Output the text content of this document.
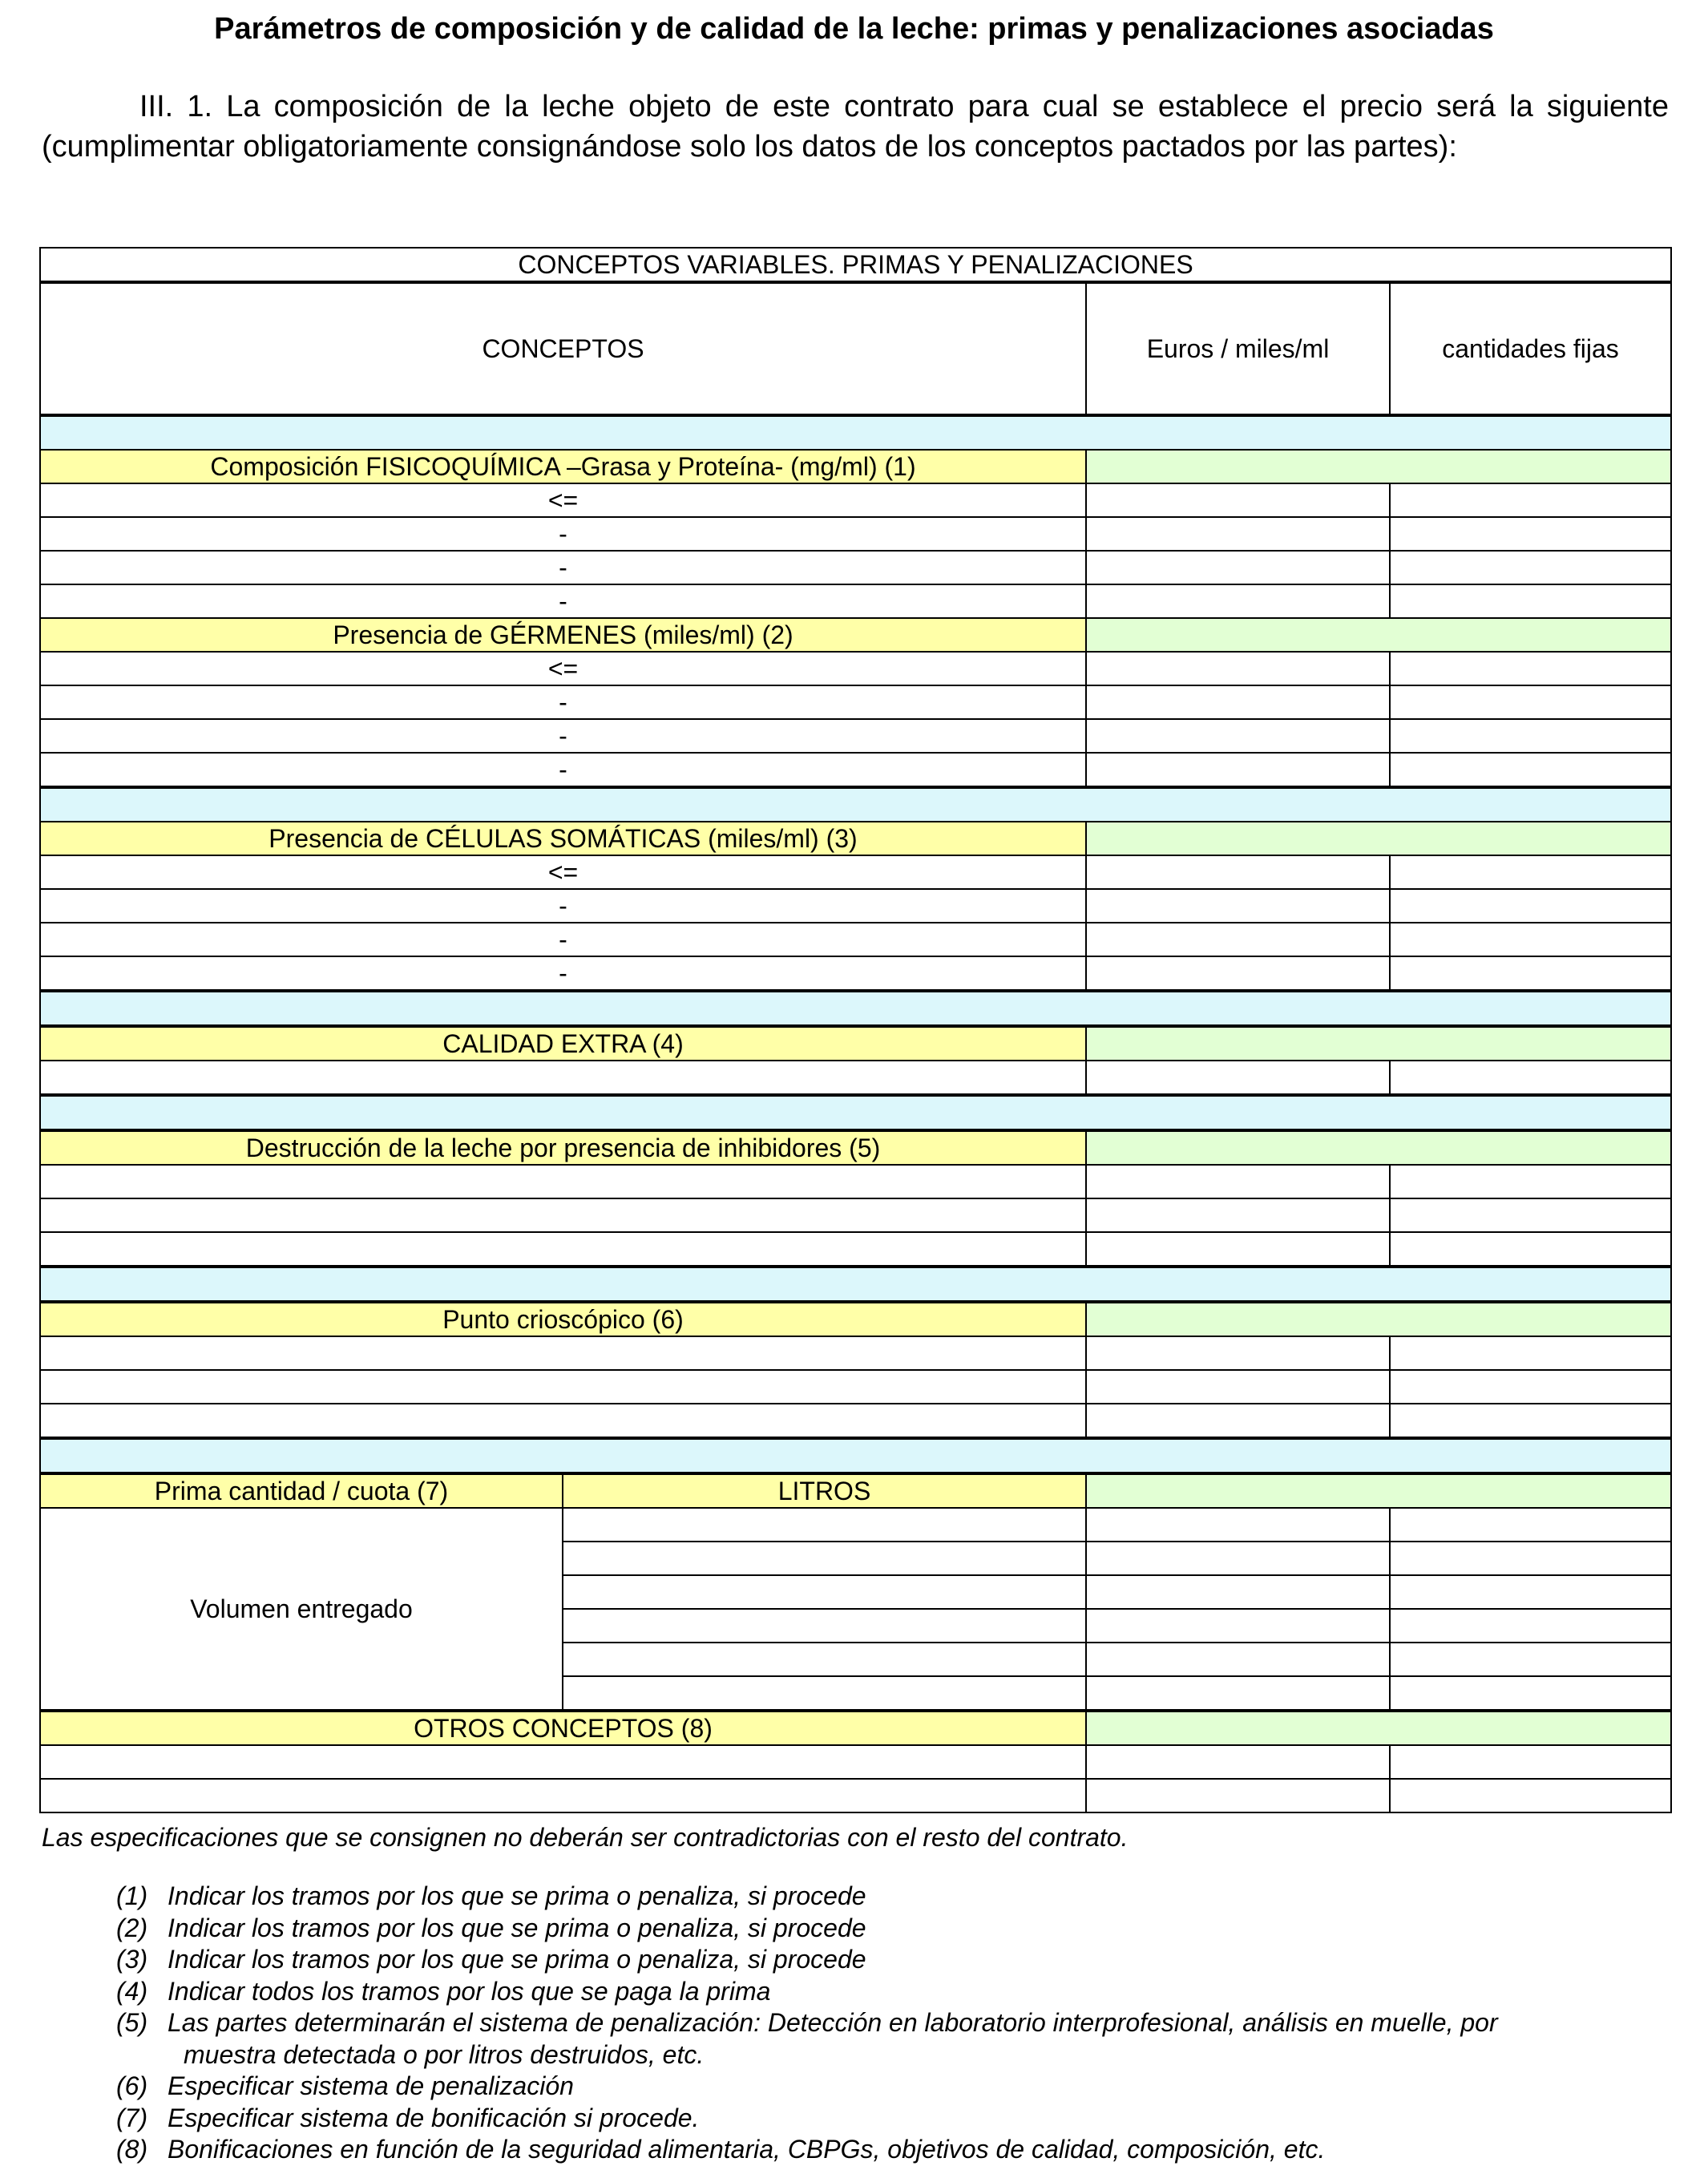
Parámetros de composición y de calidad de la leche: primas y penalizaciones asociadas
III. 1. La composición de la leche objeto de este contrato para cual se establece el precio será la siguiente (cumplimentar obligatoriamente consignándose solo los datos de los conceptos pactados por las partes):
CONCEPTOS VARIABLES. PRIMAS Y PENALIZACIONES			
CONCEPTOS		Euros / miles/ml	cantidades fijas

Composición FISICOQUÍMICA –Grasa y Proteína- (mg/ml) (1)			
<=			
-			
-			
-			
Presencia de GÉRMENES (miles/ml) (2)			
<=			
-			
-			
-			

Presencia de CÉLULAS SOMÁTICAS (miles/ml) (3)			
<=			
-			
-			
-			

CALIDAD EXTRA (4)			

Destrucción de la leche por presencia de inhibidores (5)			

Punto crioscópico (6)			

Prima cantidad / cuota (7)	LITROS		
Volumen entregado			

OTROS CONCEPTOS (8)			

Las especificaciones que se consignen no deberán ser contradictorias con el resto del contrato.
(1) Indicar los tramos por los que se prima o penaliza, si procede
(2) Indicar los tramos por los que se prima o penaliza, si procede
(3) Indicar los tramos por los que se prima o penaliza, si procede
(4) Indicar todos los tramos por los que se paga la prima
(5) Las partes determinarán el sistema de penalización: Detección en laboratorio interprofesional, análisis en muelle, por
muestra detectada o por litros destruidos, etc.
(6) Especificar sistema de penalización
(7) Especificar sistema de bonificación si procede.
(8) Bonificaciones en función de la seguridad alimentaria, CBPGs, objetivos de calidad, composición, etc.
